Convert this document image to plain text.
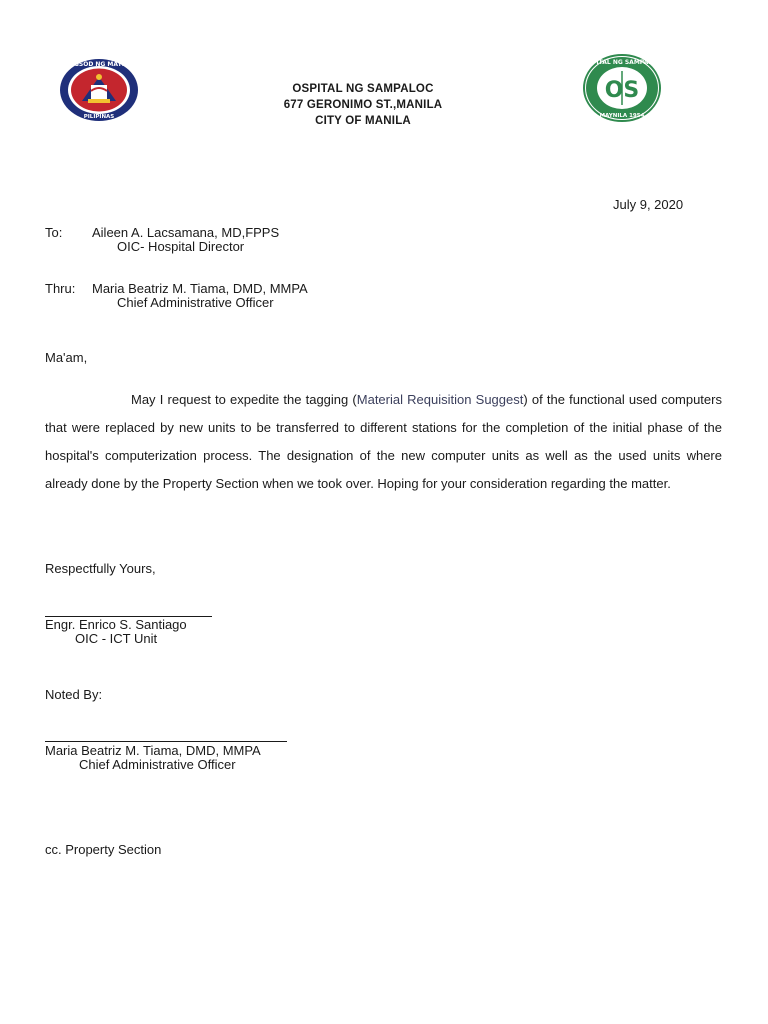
LUNGSOD NG MAYNILA
PILIPINAS
OSPITAL NG SAMPALOC
677 GERONIMO ST.,MANILA
CITY OF MANILA
OSPITAL NG SAMPALOC
MAYNILA 1954
OS
July 9, 2020
To: Aileen A. Lacsamana, MD,FPPS
OIC- Hospital Director
Thru: Maria Beatriz M. Tiama, DMD, MMPA
Chief Administrative Officer
Ma'am,
May I request to expedite the tagging (Material Requisition Suggest) of the functional used computers that were replaced by new units to be transferred to different stations for the completion of the initial phase of the hospital's computerization process. The designation of the new computer units as well as the used units where already done by the Property Section when we took over. Hoping for your consideration regarding the matter.
Respectfully Yours,
Engr. Enrico S. Santiago
OIC - ICT Unit
Noted By:
Maria Beatriz M. Tiama, DMD, MMPA
Chief Administrative Officer
cc. Property Section
